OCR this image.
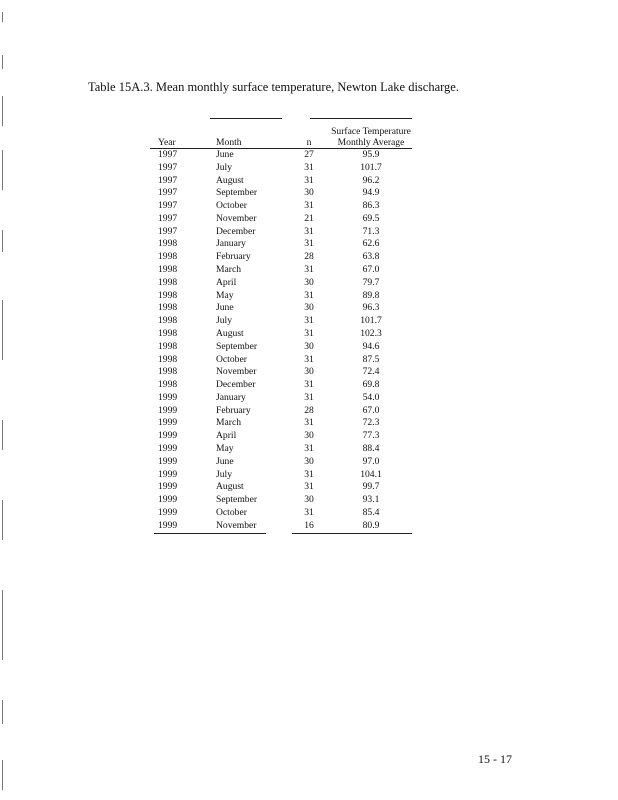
Table 15A.3. Mean monthly surface temperature, Newton Lake discharge.
Year	Month	n	Surface Temperature
Monthly Average

1997	June	27	95.9
1997	July	31	101.7
1997	August	31	96.2
1997	September	30	94.9
1997	October	31	86.3
1997	November	21	69.5
1997	December	31	71.3
1998	January	31	62.6
1998	February	28	63.8
1998	March	31	67.0
1998	April	30	79.7
1998	May	31	89.8
1998	June	30	96.3
1998	July	31	101.7
1998	August	31	102.3
1998	September	30	94.6
1998	October	31	87.5
1998	November	30	72.4
1998	December	31	69.8
1999	January	31	54.0
1999	February	28	67.0
1999	March	31	72.3
1999	April	30	77.3
1999	May	31	88.4
1999	June	30	97.0
1999	July	31	104.1
1999	August	31	99.7
1999	September	30	93.1
1999	October	31	85.4
1999	November	16	80.9
15 - 17
